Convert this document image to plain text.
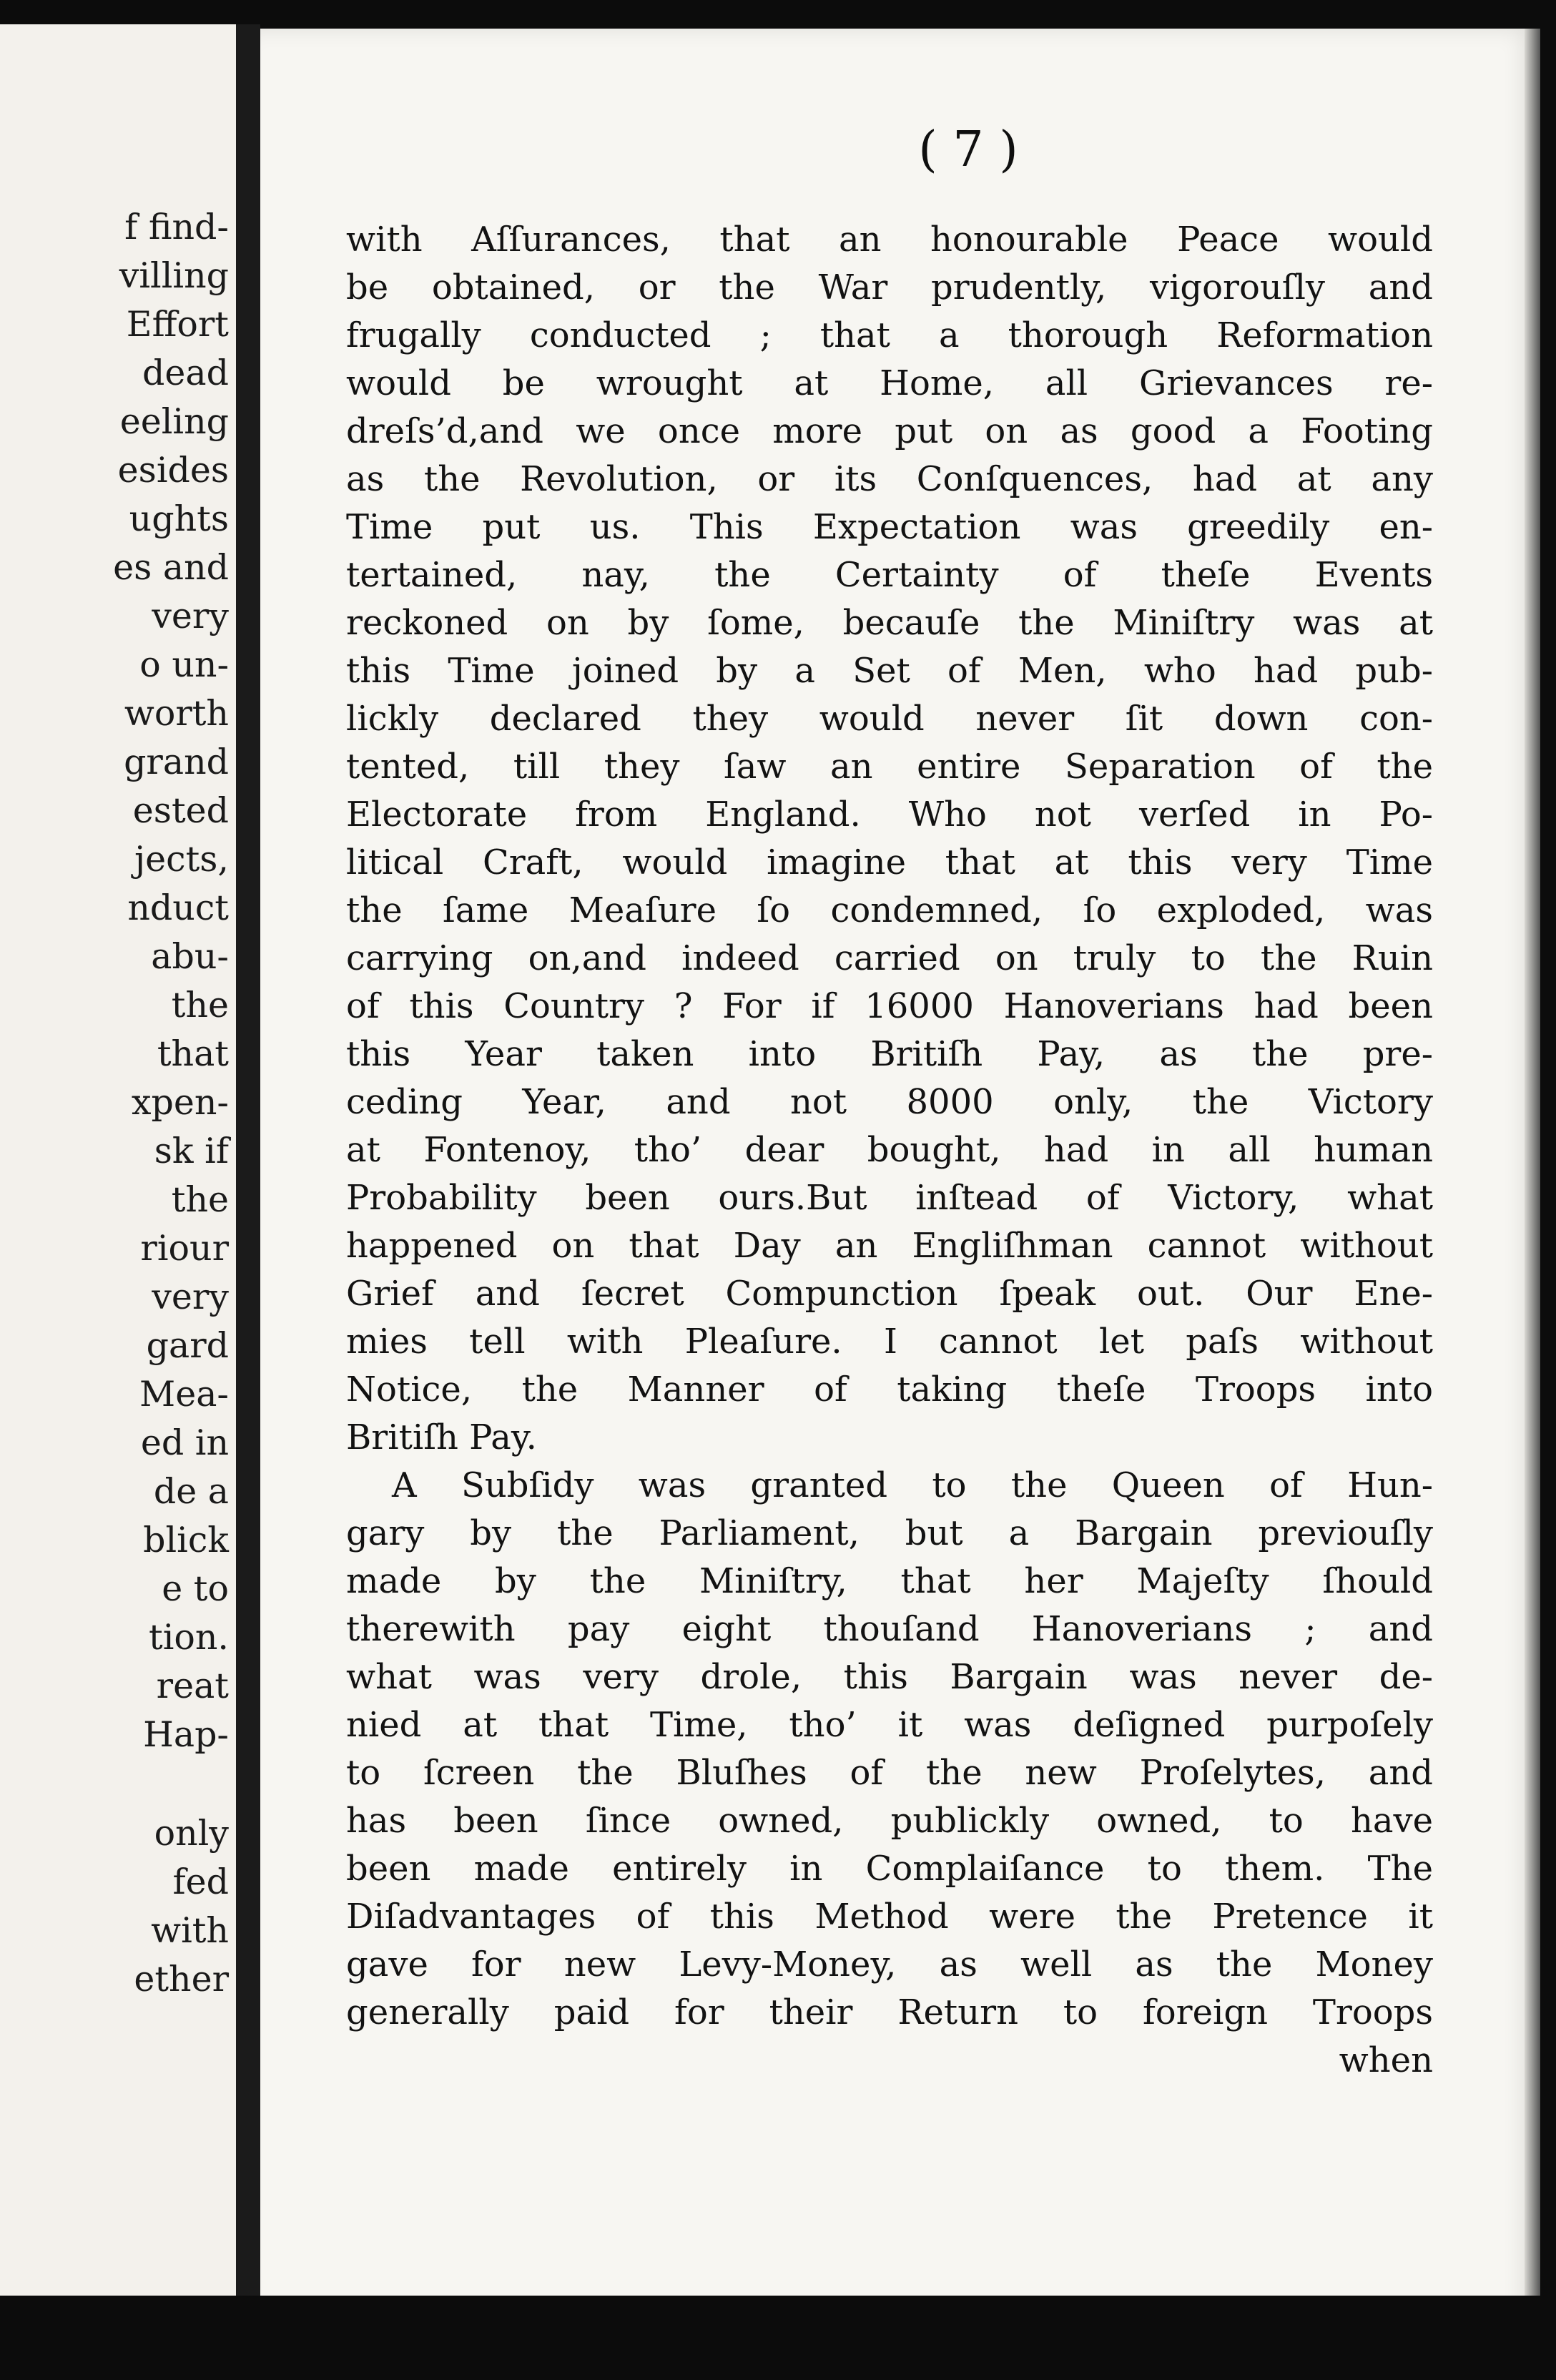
f find-
villing
Effort
dead
eeling
esides
ughts
es and
very
o un-
worth
grand
ested
jects,
nduct
abu-
the
that
xpen-
sk if
the
riour
very
gard
Mea-
ed in
de a
blick
e to
tion.
reat
Hap-
only
fed
with
ether
( 7 )
with Aſſurances, that an honourable Peace would
be obtained, or the War prudently, vigorouſly and
frugally conducted ; that a thorough Reformation
would be wrought at Home, all Grievances re-
dreſs’d,and we once more put on as good a Footing
as the Revolution, or its Conſquences, had at any
Time put us. This Expectation was greedily en-
tertained, nay, the Certainty of theſe Events
reckoned on by ſome, becauſe the Miniſtry was at
this Time joined by a Set of Men, who had pub-
lickly declared they would never ſit down con-
tented, till they ſaw an entire Separation of the
Electorate from England. Who not verſed in Po-
litical Craft, would imagine that at this very Time
the ſame Meaſure ſo condemned, ſo exploded, was
carrying on,and indeed carried on truly to the Ruin
of this Country ? For if 16000 Hanoverians had been
this Year taken into Britiſh Pay, as the pre-
ceding Year, and not 8000 only, the Victory
at Fontenoy, tho’ dear bought, had in all human
Probability been ours.But inſtead of Victory, what
happened on that Day an Engliſhman cannot without
Grief and ſecret Compunction ſpeak out. Our Ene-
mies tell with Pleaſure. I cannot let paſs without
Notice, the Manner of taking theſe Troops into
Britiſh Pay.
A Subſidy was granted to the Queen of Hun-
gary by the Parliament, but a Bargain previouſly
made by the Miniſtry, that her Majeſty ſhould
therewith pay eight thouſand Hanoverians ; and
what was very drole, this Bargain was never de-
nied at that Time, tho’ it was deſigned purpoſely
to ſcreen the Bluſhes of the new Proſelytes, and
has been ſince owned, publickly owned, to have
been made entirely in Complaiſance to them. The
Diſadvantages of this Method were the Pretence it
gave for new Levy-Money, as well as the Money
generally paid for their Return to foreign Troops
when
